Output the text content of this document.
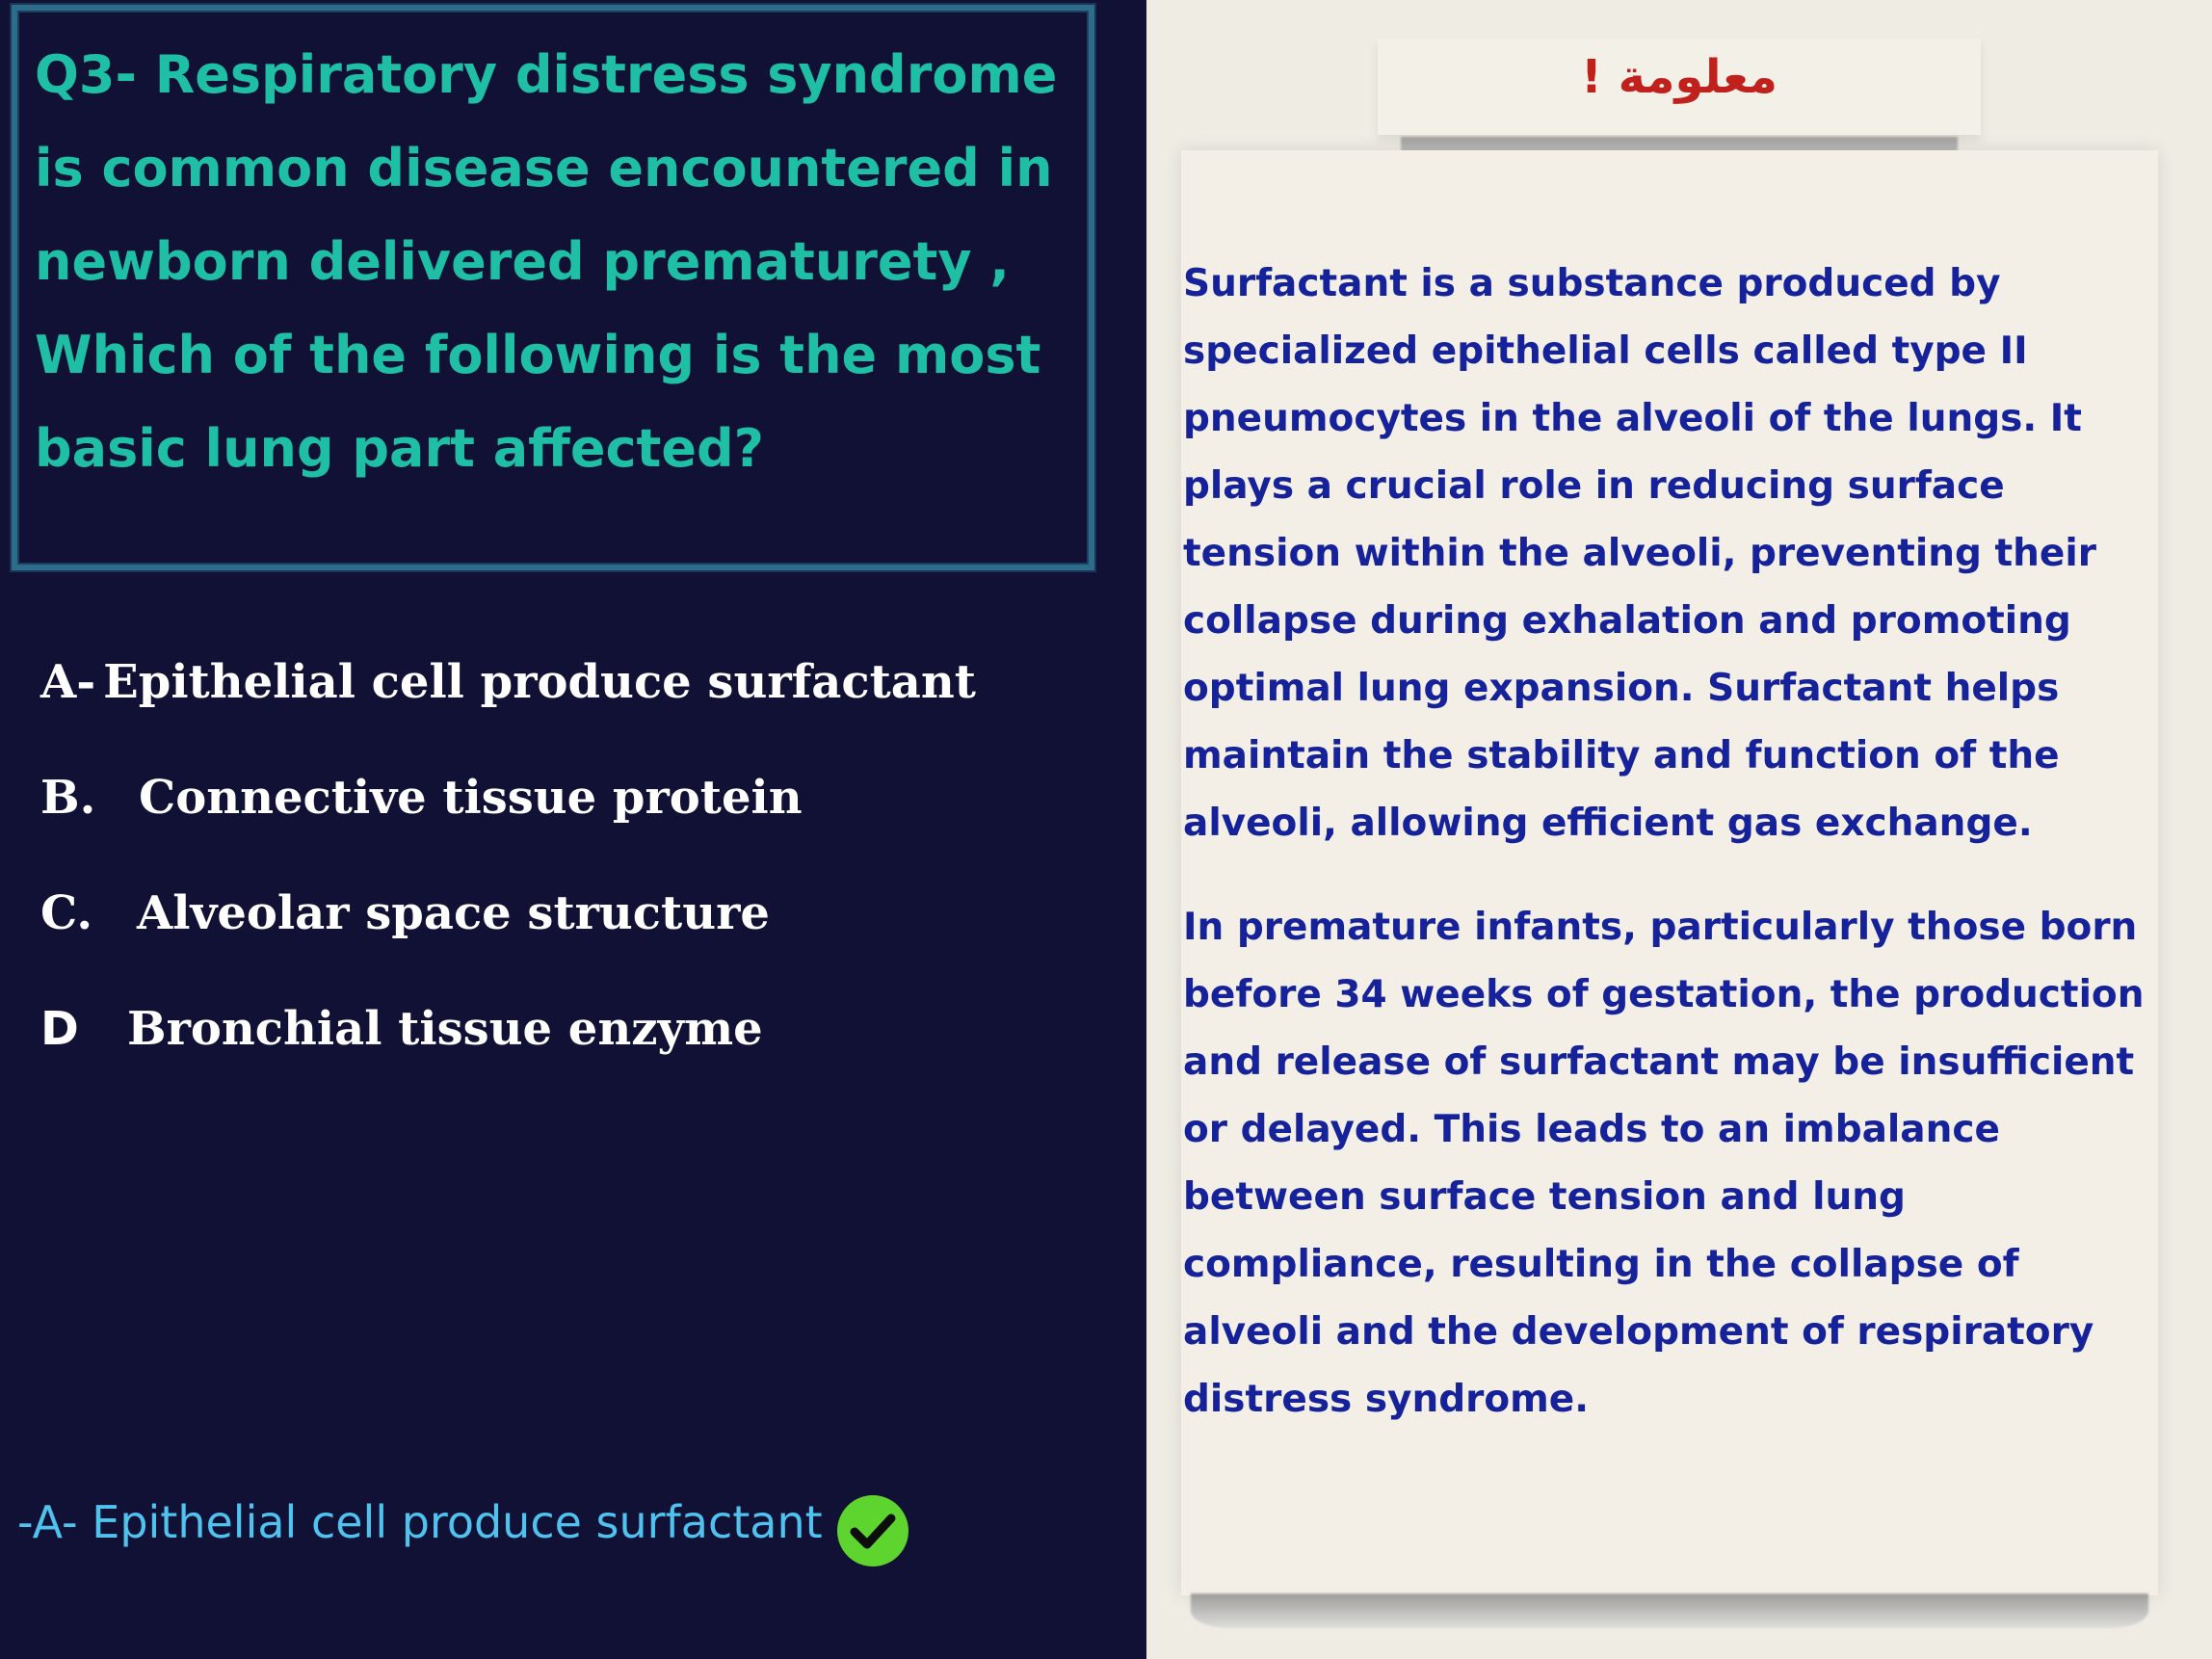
Q3- Respiratory distress syndrome is common disease encountered in newborn delivered prematurety , Which of the following is the most basic lung part affected?

A- Epithelial cell produce surfactant
B. Connective tissue protein
C. Alveolar space structure
D Bronchial tissue enzyme
-A- Epithelial cell produce surfactant
معلومة !

Surfactant is a substance produced by specialized epithelial cells called type II pneumocytes in the alveoli of the lungs. It plays a crucial role in reducing surface tension within the alveoli, preventing their collapse during exhalation and promoting optimal lung expansion. Surfactant helps maintain the stability and function of the alveoli, allowing efficient gas exchange.

In premature infants, particularly those born before 34 weeks of gestation, the production and release of surfactant may be insufficient or delayed. This leads to an imbalance between surface tension and lung compliance, resulting in the collapse of alveoli and the development of respiratory distress syndrome.
